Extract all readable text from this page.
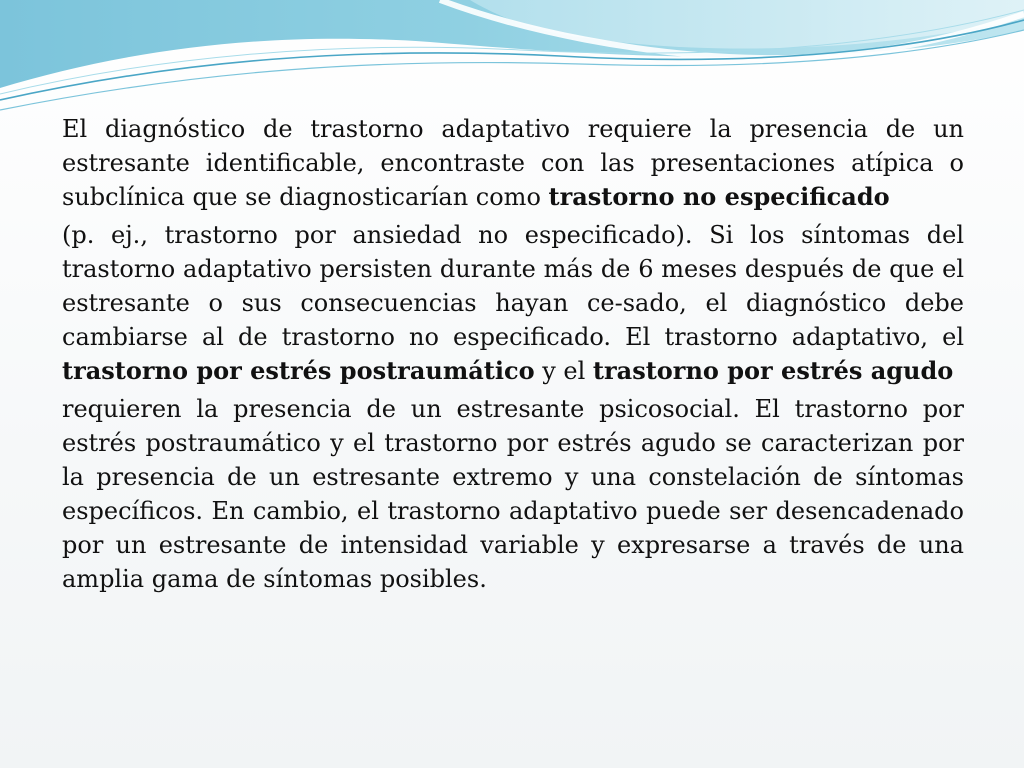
El diagnóstico de trastorno adaptativo requiere la presencia de un estresante identificable, encontraste con las presentaciones atípica o subclínica que se diagnosticarían como trastorno no especificado

(p. ej., trastorno por ansiedad no especificado). Si los síntomas del trastorno adaptativo persisten durante más de 6 meses después de que el estresante o sus consecuencias hayan ce-sado, el diagnóstico debe cambiarse al de trastorno no especificado. El trastorno adaptativo, el trastorno por estrés postraumático y el trastorno por estrés agudo

requieren la presencia de un estresante psicosocial. El trastorno por estrés postraumático y el trastorno por estrés agudo se caracterizan por la presencia de un estresante extremo y una constelación de síntomas específicos. En cambio, el trastorno adaptativo puede ser desencadenado por un estresante de intensidad variable y expresarse a través de una amplia gama de síntomas posibles.
